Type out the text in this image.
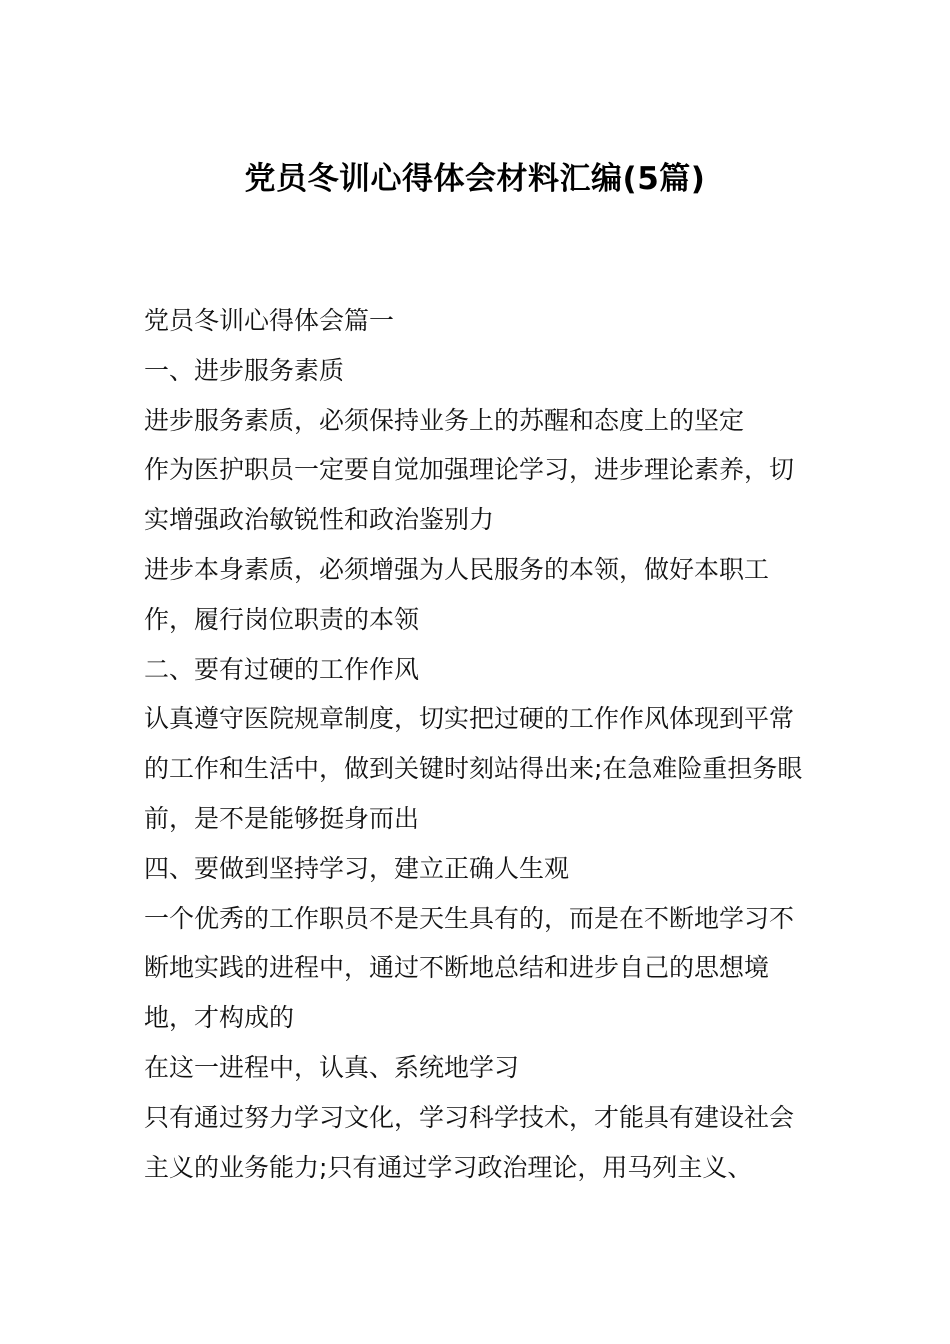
党员冬训心得体会材料汇编(5篇)

党员冬训心得体会篇一

一、进步服务素质

进步服务素质，必须保持业务上的苏醒和态度上的坚定

作为医护职员一定要自觉加强理论学习，进步理论素养，切实增强政治敏锐性和政治鉴别力

进步本身素质，必须增强为人民服务的本领，做好本职工作，履行岗位职责的本领

二、要有过硬的工作作风

认真遵守医院规章制度，切实把过硬的工作作风体现到平常的工作和生活中，做到关键时刻站得出来;在急难险重担务眼前，是不是能够挺身而出

四、要做到坚持学习，建立正确人生观

一个优秀的工作职员不是天生具有的，而是在不断地学习不断地实践的进程中，通过不断地总结和进步自己的思想境地，才构成的

在这一进程中，认真、系统地学习

只有通过努力学习文化，学习科学技术，才能具有建设社会主义的业务能力;只有通过学习政治理论，用马列主义、
